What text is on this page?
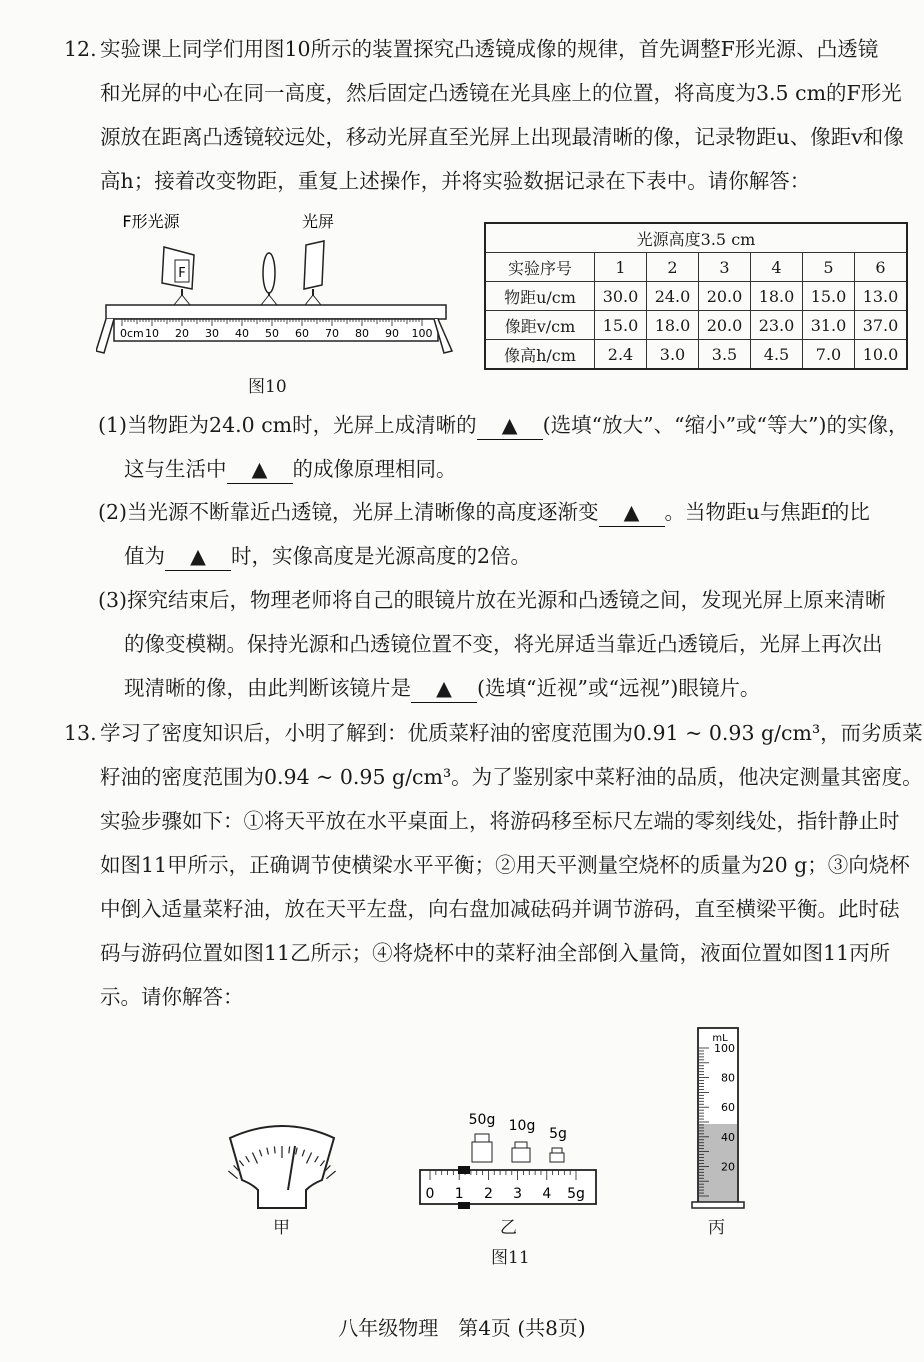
12. 实验课上同学们用图10所示的装置探究凸透镜成像的规律，首先调整F形光源、凸透镜
和光屏的中心在同一高度，然后固定凸透镜在光具座上的位置，将高度为3.5 cm的F形光
源放在距离凸透镜较远处，移动光屏直至光屏上出现最清晰的像，记录物距u、像距v和像
高h；接着改变物距，重复上述操作，并将实验数据记录在下表中。请你解答：
F形光源	光屏
F
0cm 10 20 30 40 50 60 70 80 90 100
图10
光源高度3.5 cm						
实验序号	1	2	3	4	5	6
物距u/cm	30.0	24.0	20.0	18.0	15.0	13.0
像距v/cm	15.0	18.0	20.0	23.0	31.0	37.0
像高h/cm	2.4	3.0	3.5	4.5	7.0	10.0
(1)当物距为24.0 cm时，光屏上成清晰的 ▲ (选填“放大”、“缩小”或“等大”)的实像，
这与生活中 ▲ 的成像原理相同。
(2)当光源不断靠近凸透镜，光屏上清晰像的高度逐渐变 ▲ 。当物距u与焦距f的比
值为 ▲ 时，实像高度是光源高度的2倍。
(3)探究结束后，物理老师将自己的眼镜片放在光源和凸透镜之间，发现光屏上原来清晰
的像变模糊。保持光源和凸透镜位置不变，将光屏适当靠近凸透镜后，光屏上再次出
现清晰的像，由此判断该镜片是 ▲ (选填“近视”或“远视”)眼镜片。
13. 学习了密度知识后，小明了解到：优质菜籽油的密度范围为0.91 ~ 0.93 g/cm³，而劣质菜
籽油的密度范围为0.94 ~ 0.95 g/cm³。为了鉴别家中菜籽油的品质，他决定测量其密度。
实验步骤如下：①将天平放在水平桌面上，将游码移至标尺左端的零刻线处，指针静止时
如图11甲所示，正确调节使横梁水平平衡；②用天平测量空烧杯的质量为20 g；③向烧杯
中倒入适量菜籽油，放在天平左盘，向右盘加减砝码并调节游码，直至横梁平衡。此时砝
码与游码位置如图11乙所示；④将烧杯中的菜籽油全部倒入量筒，液面位置如图11丙所
示。请你解答：
甲
50g 10g 5g
0 1 2 3 4 5g
乙
图11
mL
100
80
60
40
20
丙
八年级物理　第4页 (共8页)
